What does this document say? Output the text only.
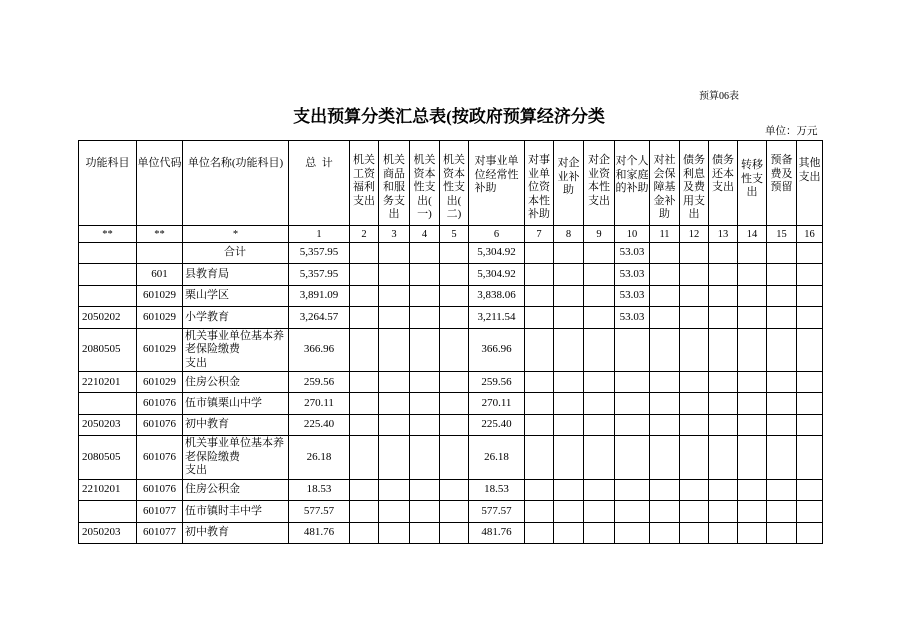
预算06表
支出预算分类汇总表(按政府预算经济分类
单位：万元
功能科目	单位代码	单位名称(功能科目)	总  计	机关工资福利支出	机关商品和服务支出	机关资本性支出(一)	机关资本性支出(二)	对事业单位经常性补助	对事业单位资本性补助	对企业补助	对企业资本性支出	对个人和家庭的补助	对社会保障基金补助	债务利息及费用支出	债务还本支出	转移性支出	预备费及预留	其他支出
**	**	*	1	2	3	4	5	6	7	8	9	10	11	12	13	14	15	16
		合计	5,357.95					5,304.92				53.03						
	601	县教育局	5,357.95					5,304.92				53.03						
	601029	栗山学区	3,891.09					3,838.06				53.03						
2050202	601029	小学教育	3,264.57					3,211.54				53.03						
2080505	601029	机关事业单位基本养老保险缴费
支出	366.96					366.96										
2210201	601029	住房公积金	259.56					259.56										
	601076	伍市镇栗山中学	270.11					270.11										
2050203	601076	初中教育	225.40					225.40										
2080505	601076	机关事业单位基本养老保险缴费
支出	26.18					26.18										
2210201	601076	住房公积金	18.53					18.53										
	601077	伍市镇时丰中学	577.57					577.57										
2050203	601077	初中教育	481.76					481.76										
